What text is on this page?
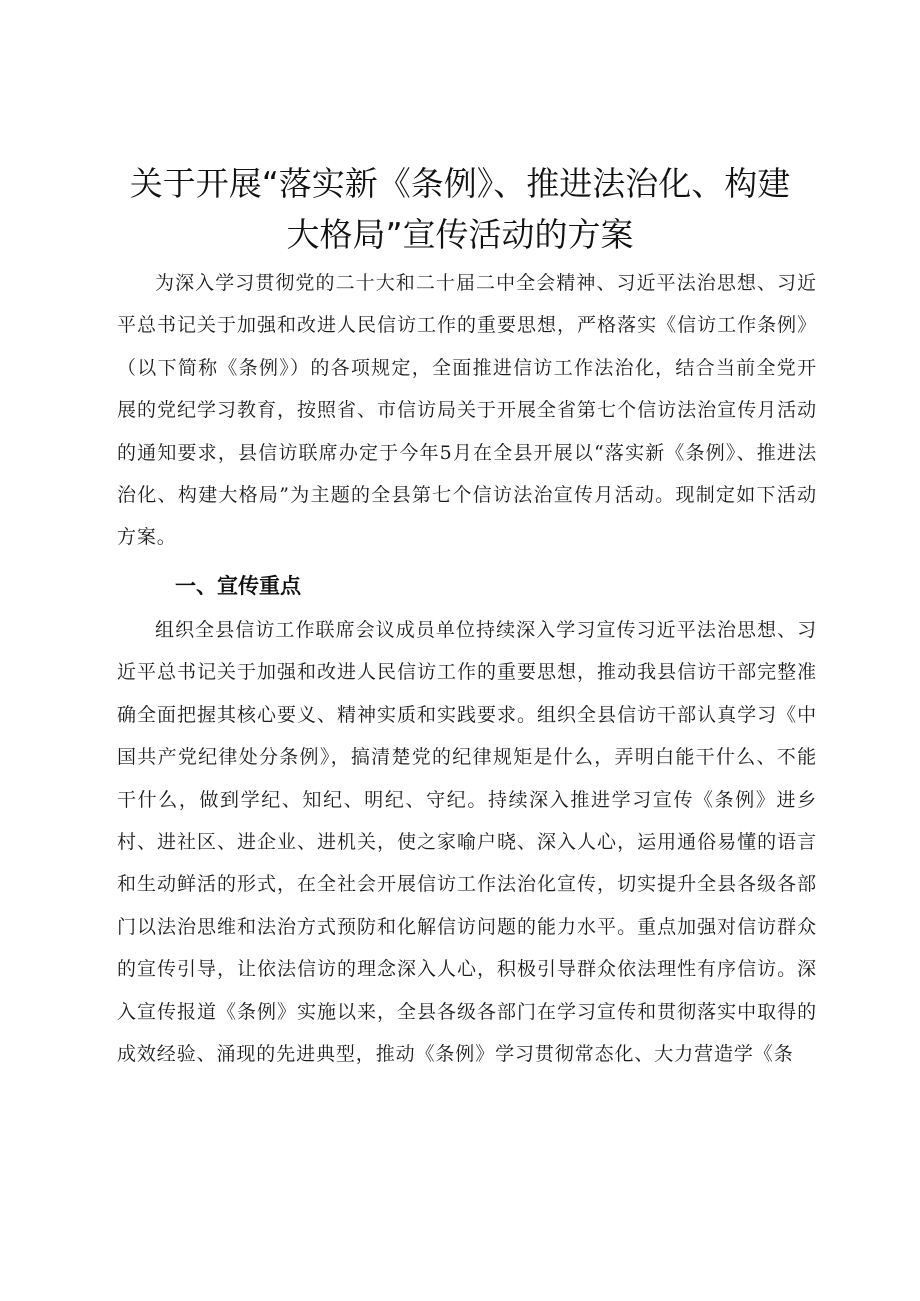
关于开展“落实新《条例》、推进法治化、构建
大格局”宣传活动的方案

为深入学习贯彻党的二十大和二十届二中全会精神、习近平法治思想、习近平总书记关于加强和改进人民信访工作的重要思想，严格落实《信访工作条例》（以下简称《条例》）的各项规定，全面推进信访工作法治化，结合当前全党开展的党纪学习教育，按照省、市信访局关于开展全省第七个信访法治宣传月活动的通知要求，县信访联席办定于今年5月在全县开展以“落实新《条例》、推进法治化、构建大格局”为主题的全县第七个信访法治宣传月活动。现制定如下活动方案。

一、宣传重点

组织全县信访工作联席会议成员单位持续深入学习宣传习近平法治思想、习近平总书记关于加强和改进人民信访工作的重要思想，推动我县信访干部完整准确全面把握其核心要义、精神实质和实践要求。组织全县信访干部认真学习《中国共产党纪律处分条例》，搞清楚党的纪律规矩是什么，弄明白能干什么、不能干什么，做到学纪、知纪、明纪、守纪。持续深入推进学习宣传《条例》进乡村、进社区、进企业、进机关，使之家喻户晓、深入人心，运用通俗易懂的语言和生动鲜活的形式，在全社会开展信访工作法治化宣传，切实提升全县各级各部门以法治思维和法治方式预防和化解信访问题的能力水平。重点加强对信访群众的宣传引导，让依法信访的理念深入人心，积极引导群众依法理性有序信访。深入宣传报道《条例》实施以来，全县各级各部门在学习宣传和贯彻落实中取得的成效经验、涌现的先进典型，推动《条例》学习贯彻常态化、大力营造学《条
